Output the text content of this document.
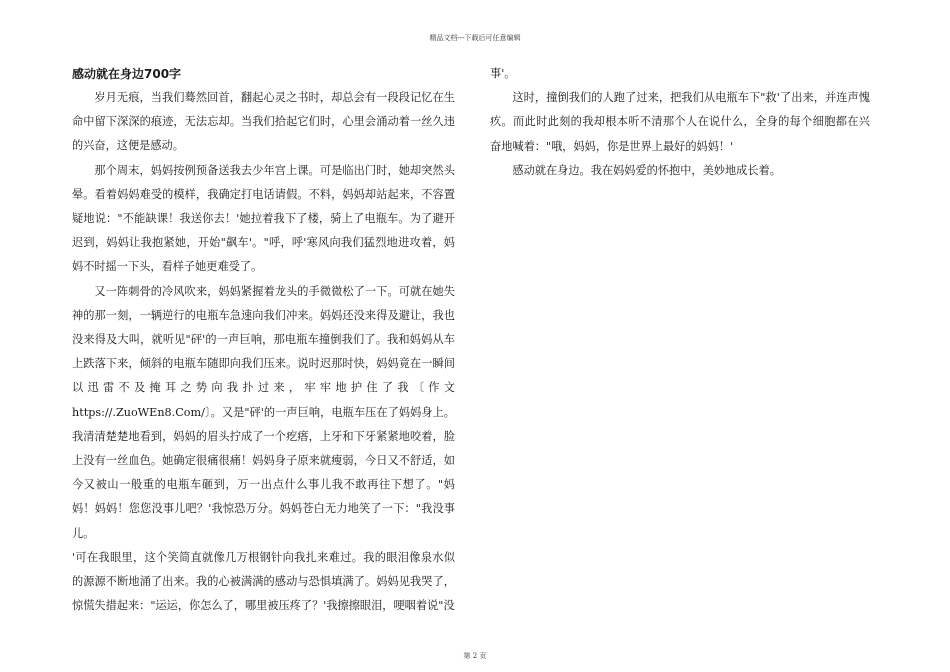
精品文档---下载后可任意编辑
感动就在身边700字

岁月无痕，当我们蓦然回首，翻起心灵之书时，却总会有一段段记忆在生命中留下深深的痕迹，无法忘却。当我们拾起它们时，心里会涌动着一丝久违的兴奋，这便是感动。

那个周末，妈妈按例预备送我去少年宫上课。可是临出门时，她却突然头晕。看着妈妈难受的模样，我确定打电话请假。不料，妈妈却站起来，不容置疑地说："不能缺课！我送你去！'她拉着我下了楼，骑上了电瓶车。为了避开迟到，妈妈让我抱紧她，开始"飙车'。"呼，呼'寒风向我们猛烈地进攻着，妈妈不时摇一下头，看样子她更难受了。

又一阵刺骨的冷风吹来，妈妈紧握着龙头的手微微松了一下。可就在她失神的那一刻，一辆逆行的电瓶车急速向我们冲来。妈妈还没来得及避让，我也没来得及大叫，就听见"砰'的一声巨响，那电瓶车撞倒我们了。我和妈妈从车上跌落下来，倾斜的电瓶车随即向我们压来。说时迟那时快，妈妈竟在一瞬间以迅雷不及掩耳之势向我扑过来，牢牢地护住了我〔作文https://.ZuoWEn8.Com/〕。又是"砰'的一声巨响，电瓶车压在了妈妈身上。我清清楚楚地看到，妈妈的眉头拧成了一个疙瘩，上牙和下牙紧紧地咬着，脸上没有一丝血色。她确定很痛很痛！妈妈身子原来就瘦弱，今日又不舒适，如今又被山一般重的电瓶车砸到，万一出点什么事儿我不敢再往下想了。"妈妈！妈妈！您您没事儿吧？'我惊恐万分。妈妈苍白无力地笑了一下："我没事儿。

'可在我眼里，这个笑简直就像几万根钢针向我扎来难过。我的眼泪像泉水似的源源不断地涌了出来。我的心被满满的感动与恐惧填满了。妈妈见我哭了，惊慌失措起来："运运，你怎么了，哪里被压疼了？'我擦擦眼泪，哽咽着说"没

事'。

这时，撞倒我们的人跑了过来，把我们从电瓶车下"救'了出来，并连声愧疚。而此时此刻的我却根本听不清那个人在说什么，全身的每个细胞都在兴奋地喊着："哦，妈妈，你是世界上最好的妈妈！'

感动就在身边。我在妈妈爱的怀抱中，美妙地成长着。

第 2 页
